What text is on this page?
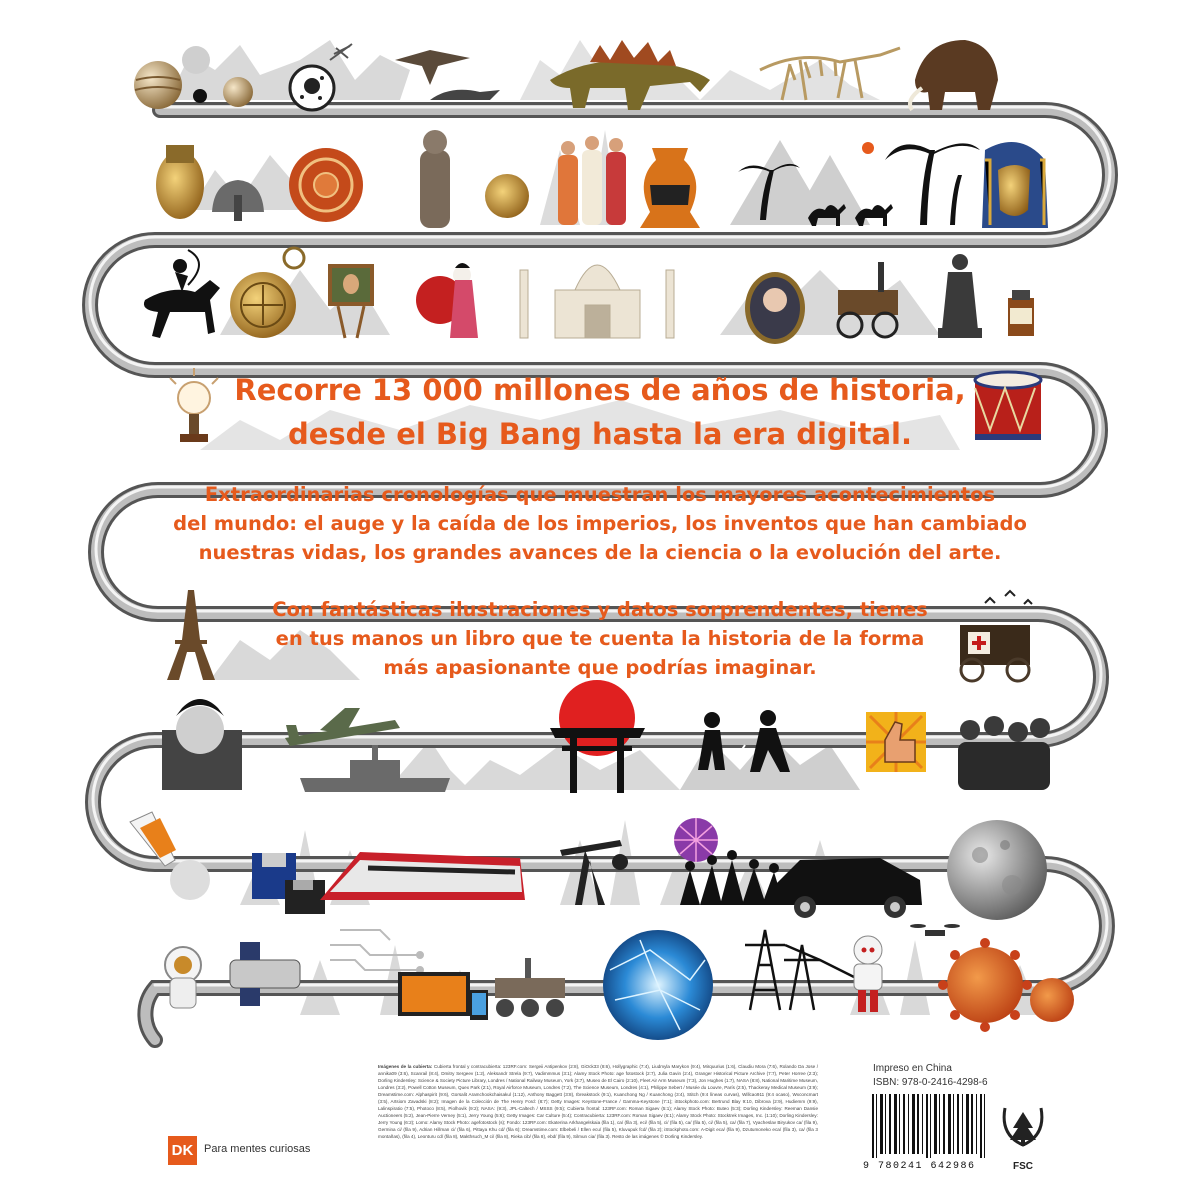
Recorre 13 000 millones de años de historia,
desde el Big Bang hasta la era digital.
Extraordinarias cronologías que muestran los mayores acontecimientos
del mundo: el auge y la caída de los imperios, los inventos que han cambiado
nuestras vidas, los grandes avances de la ciencia o la evolución del arte.
Con fantásticas ilustraciones y datos sorprendentes, tienes
en tus manos un libro que te cuenta la historia de la forma
más apasionante que podrías imaginar.
Imágenes de la cubierta: Cubierta frontal y contracubierta: 123RF.com: Sergeii Antipenkov (2:8), GiOck33 (8:6), Hollygraphic (7:4), Liudmyla Marykon (9:4), Mirquurius (1:6), Claudiu Mora (7:6), Rolando Da Jose / annika09 (3:6), Scanrail (8:4), Dmitry Sergeev (1:2), Aleksandr Strela (9:7), Vadimmmus (3:1); Alamy Stock Photo: age fotostock (2:7), Julia Gavin (2:4), Granger Historical Picture Archive (7:7), Peter Horree (2:3); Dorling Kindersley: Science & Society Picture Library, Londres / National Railway Museum, York (3:7), Museo de El Cairo (2:10), Fleet Air Arm Museum (7:3), Jon Hughes (1:7), NASA (8:8), National Maritime Museum, Londres (3:2), Powell Cotton Museum, Quex Park (2:1), Royal Airforce Museum, Londres (7:2), The Science Museum, Londres (4:1), Philippe Sebert / Musée du Louvre, París (2:5), Thackeray Medical Museum (3:9); Dreamstime.com: Alphaspirit (9:6), Gorsalit Aramchookchaisakul (1:12), Anthony Baggett (3:8), Ibreakstock (9:1), Kuanchong Ng / Kuanchong (3:4), Stitch (9:4 líneas curvas), Willcao911 (9:4 ocaso), Wxconcmart (3:5), Artsiom Zavadski (8:2); Imagen de la Colección de The Henry Ford: (8:7); Getty Images: Keystone-France / Gamma-Keystone (7:1); iStockphoto.com: Bertrund Blay 9:10, Dibrova (2:9), Hudiemm (9:9), Lalinspiratio (7:5), Photoco (8:5), Piolhovik (9:2); NASA: (9:3), JPL-Caltech / MSSS (9:5); Cubierta frontal: 123RF.com: Roman Sigaev (5:1); Alamy Stock Photo: Buteo (5:3); Dorling Kindersley: Reeman Dansie Auctioneers (5:2), Jean-Pierre Verney (5:1), Jerry Young (5:6); Getty Images: Car Culture (5:4); Contracubierta: 123RF.com: Roman Sigaev (6:1); Alamy Stock Photo: Stocktrek Images, Inc. (1:10); Dorling Kindersley: Jerry Young (6:2); Lomo: Alamy Stock Photo: agefotostock (s); Fondo: 123RF.com: Ekaterina Arkhangelskaia (fila 1), ca/ (fila 3), eci/ (fila 5), ci/ (fila 5), ca/ (fila 5), ci/ (fila 5), ca/ (fila 7), Vyacheslav Biryukov ca/ (fila 9), Germina ci/ (fila 9), Adrian Hillman ci/ (fila 6), Pittaya Khu cd/ (fila 6); Dreamstime.com: Elbebeli / Ellen ecu/ (fila 5), Kluvupuk fcd/ (fila 2); iStockphoto.com: A-Digit eca/ (fila 9), Dzutumoneko eca/ (fila 3), ca/ (fila 3 montañas), (fila 4), Leonturu cd/ (fila 8), Makthsuch_M ci/ (fila 8), Rieka cib/ (fila 8), ebd/ (fila 9), Silmun cia/ (fila 3). Resto de las imágenes © Dorling Kindersley.
DK Para mentes curiosas
Impreso en China
ISBN: 978-0-2416-4298-6
9 780241 642986	FSC
